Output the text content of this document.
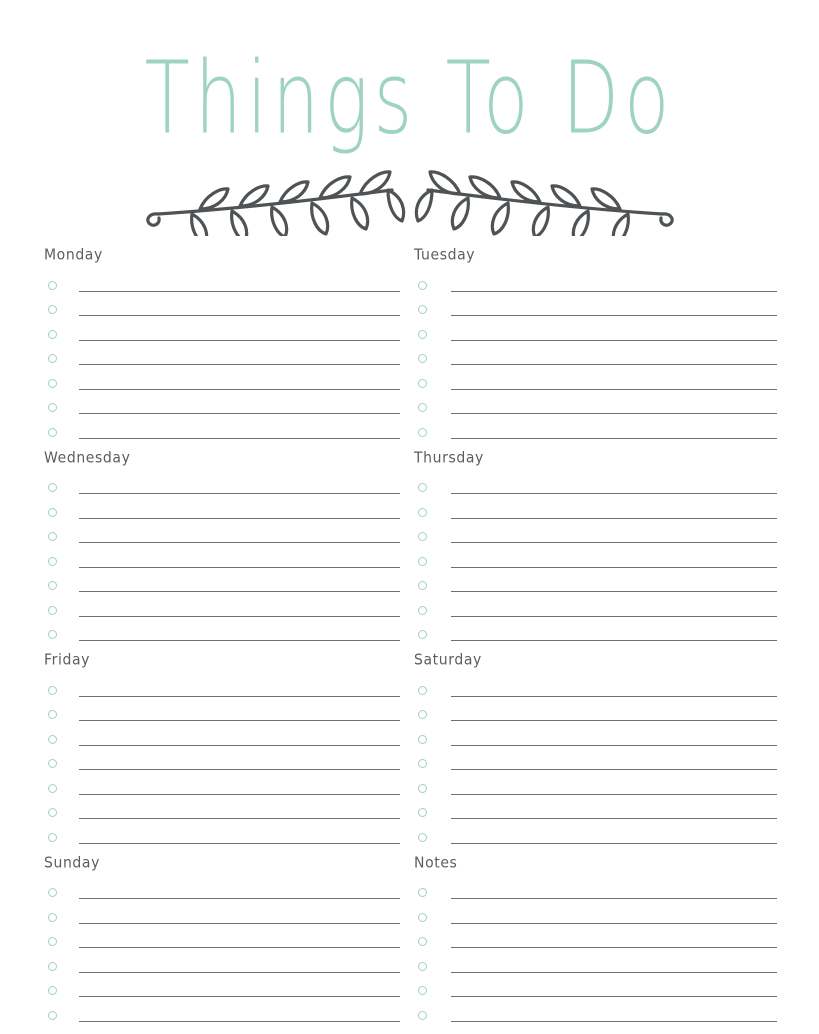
Things To Do
Monday	Tuesday
Wednesday	Thursday
Friday	Saturday
Sunday	Notes
